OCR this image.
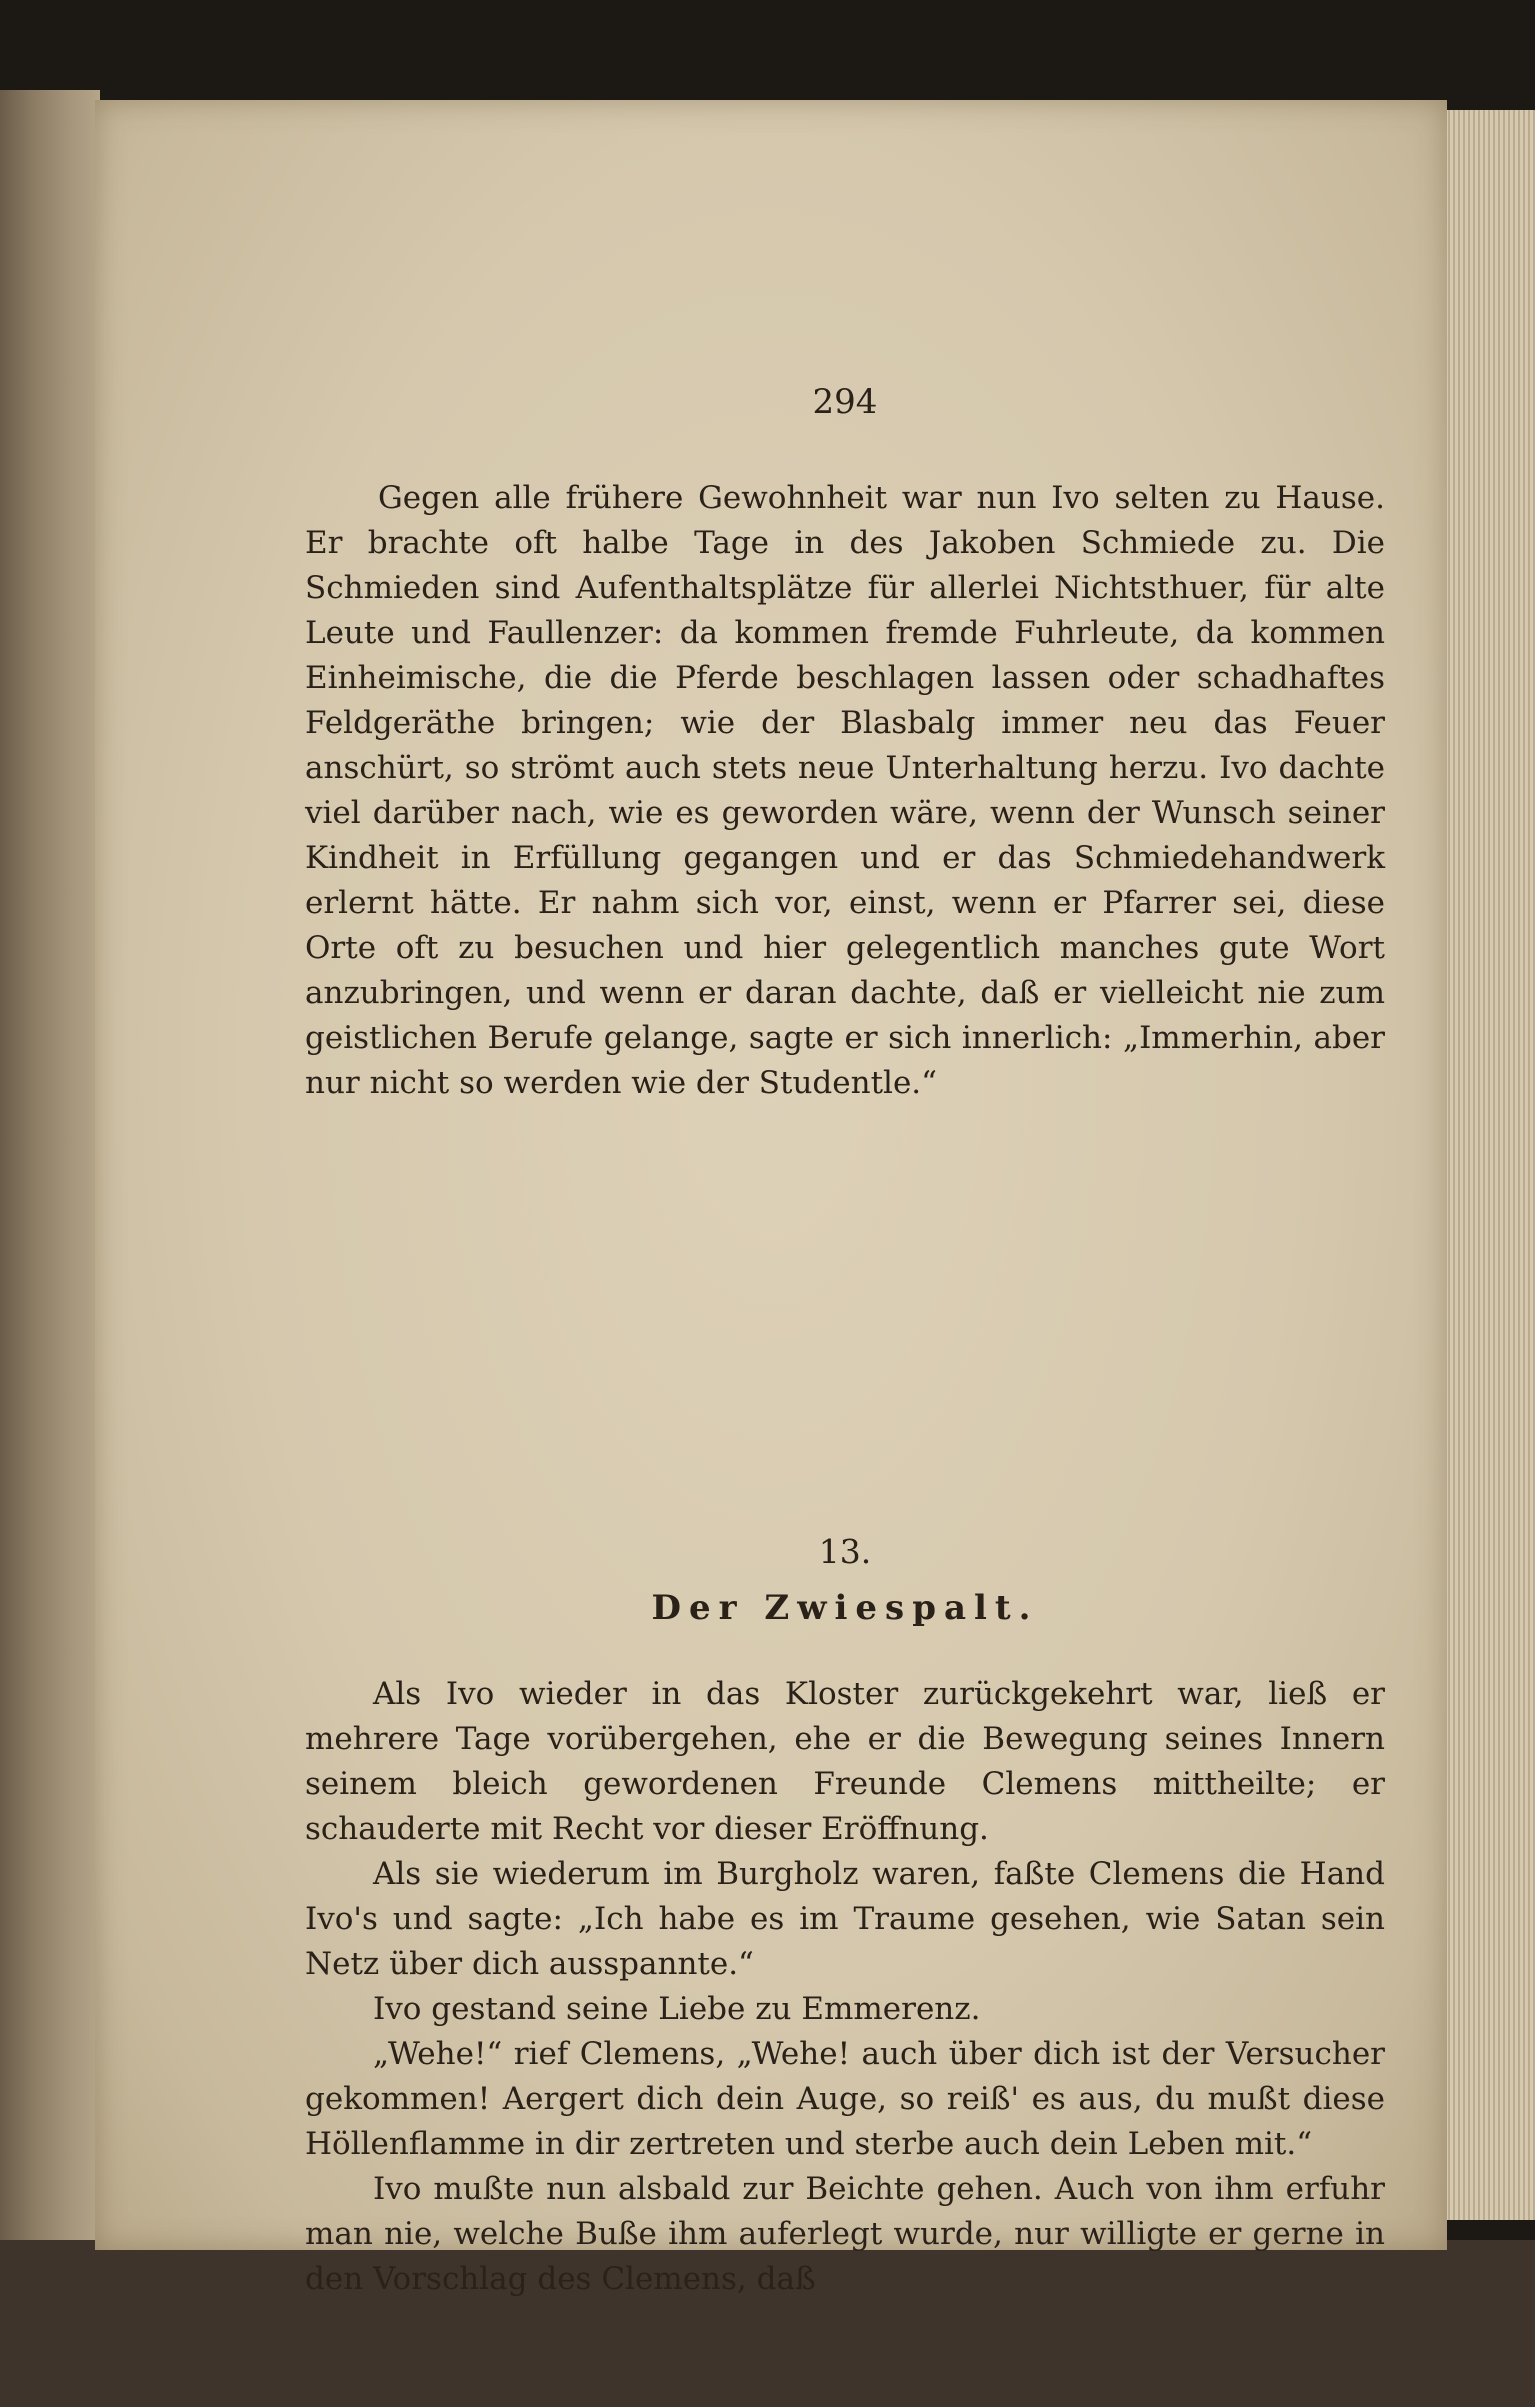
294

Gegen alle frühere Gewohnheit war nun Ivo selten zu Hause. Er brachte oft halbe Tage in des Jakoben Schmiede zu. Die Schmieden sind Aufenthaltsplätze für allerlei Nichtsthuer, für alte Leute und Faullenzer: da kommen fremde Fuhrleute, da kommen Einheimische, die die Pferde beschlagen lassen oder schadhaftes Feldgeräthe bringen; wie der Blasbalg immer neu das Feuer anschürt, so strömt auch stets neue Unterhaltung herzu. Ivo dachte viel darüber nach, wie es geworden wäre, wenn der Wunsch seiner Kindheit in Erfüllung gegangen und er das Schmiedehandwerk erlernt hätte. Er nahm sich vor, einst, wenn er Pfarrer sei, diese Orte oft zu besuchen und hier gelegentlich manches gute Wort anzubringen, und wenn er daran dachte, daß er vielleicht nie zum geistlichen Berufe gelange, sagte er sich innerlich: „Immerhin, aber nur nicht so werden wie der Studentle.“

13.
Der Zwiespalt.

Als Ivo wieder in das Kloster zurückgekehrt war, ließ er mehrere Tage vorübergehen, ehe er die Bewegung seines Innern seinem bleich gewordenen Freunde Clemens mittheilte; er schauderte mit Recht vor dieser Eröffnung.

Als sie wiederum im Burgholz waren, faßte Clemens die Hand Ivo's und sagte: „Ich habe es im Traume gesehen, wie Satan sein Netz über dich ausspannte.“

Ivo gestand seine Liebe zu Emmerenz.

„Wehe!“ rief Clemens, „Wehe! auch über dich ist der Versucher gekommen! Aergert dich dein Auge, so reiß' es aus, du mußt diese Höllenflamme in dir zertreten und sterbe auch dein Leben mit.“

Ivo mußte nun alsbald zur Beichte gehen. Auch von ihm erfuhr man nie, welche Buße ihm auferlegt wurde, nur willigte er gerne in den Vorschlag des Clemens, daß
